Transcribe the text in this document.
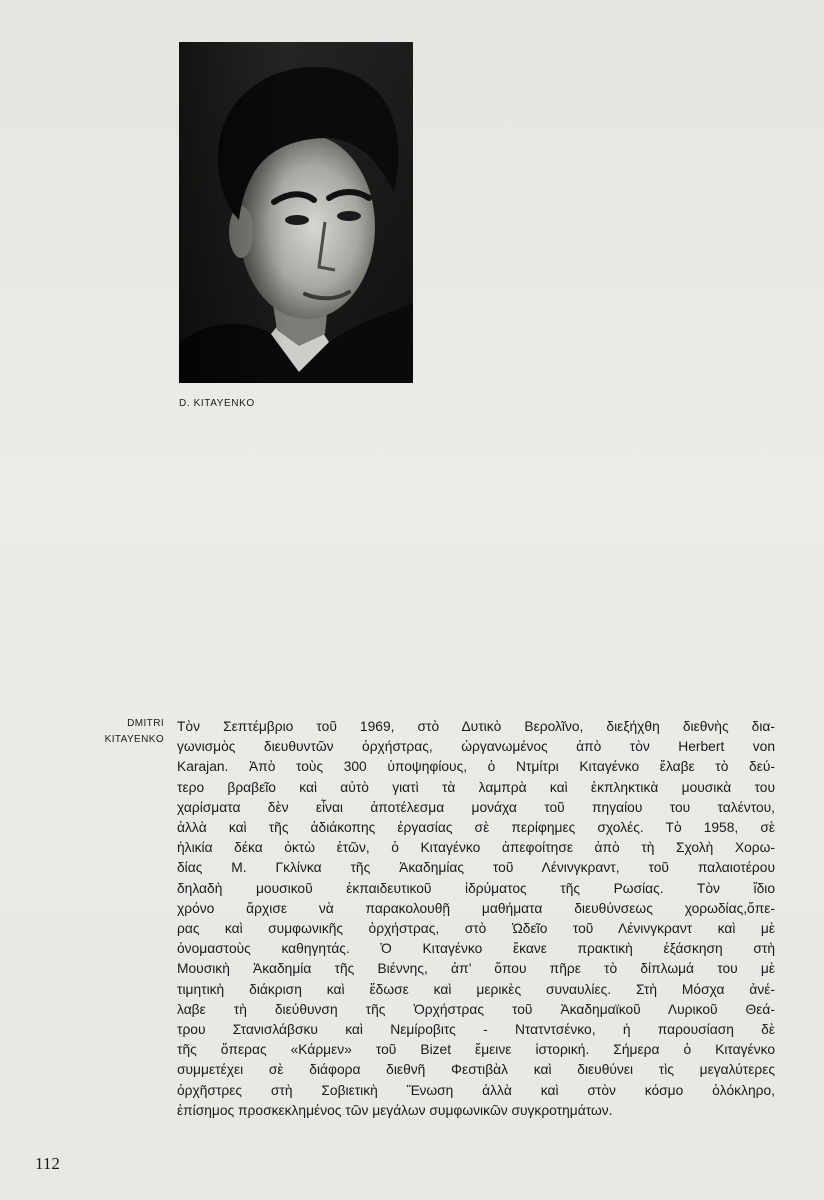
D. KITAYENKO
DMITRI
KITAYENKO
Τὸν Σεπτέμβριο τοῦ 1969, στὸ Δυτικὸ Βερολῖνο, διεξήχθη διεθνὴς δια-
γωνισμὸς διευθυντῶν ὀρχήστρας, ὠργανωμένος ἀπὸ τὸν Herbert von
Karajan. Ἀπὸ τοὺς 300 ὑποψηφίους, ὁ Ντμίτρι Κιταγένκο ἔλαβε τὸ δεύ-
τερο βραβεῖο καὶ αὐτὸ γιατὶ τὰ λαμπρὰ καὶ ἐκπληκτικὰ μουσικὰ του
χαρίσματα δὲν εἶναι ἀποτέλεσμα μονάχα τοῦ πηγαίου του ταλέντου,
ἀλλὰ καὶ τῆς ἀδιάκοπης ἐργασίας σὲ περίφημες σχολές. Τὸ 1958, σὲ
ἡλικία δέκα ὀκτὼ ἐτῶν, ὁ Κιταγένκο ἀπεφοίτησε ἀπὸ τὴ Σχολὴ Χορω-
δίας Μ. Γκλίνκα τῆς Ἀκαδημίας τοῦ Λένινγκραντ, τοῦ παλαιοτέρου
δηλαδὴ μουσικοῦ ἐκπαιδευτικοῦ ἱδρύματος τῆς Ρωσίας. Τὸν ἴδιο
χρόνο ἄρχισε νὰ παρακολουθῇ μαθήματα διευθύνσεως χορωδίας,ὄπε-
ρας καὶ συμφωνικῆς ὀρχήστρας, στὸ Ὠδεῖο τοῦ Λένινγκραντ καὶ μὲ
ὀνομαστοὺς καθηγητάς. Ὁ Κιταγένκο ἔκανε πρακτικὴ ἐξάσκηση στὴ
Μουσικὴ Ἀκαδημία τῆς Βιέννης, ἀπ’ ὅπου πῆρε τὸ δίπλωμά του μὲ
τιμητικὴ διάκριση καὶ ἔδωσε καὶ μερικὲς συναυλίες. Στὴ Μόσχα ἀνέ-
λαβε τὴ διεύθυνση τῆς Ὀρχήστρας τοῦ Ἀκαδημαϊκοῦ Λυρικοῦ Θεά-
τρου Στανισλάβσκυ καὶ Νεμίροβιτς - Ντατντσένκο, ἡ παρουσίαση δὲ
τῆς ὄπερας «Κάρμεν» τοῦ Bizet ἔμεινε ἱστορική. Σήμερα ὁ Κιταγένκο
συμμετέχει σὲ διάφορα διεθνῆ Φεστιβὰλ καὶ διευθύνει τὶς μεγαλύτερες
ὀρχῆστρες στὴ Σοβιετικὴ Ἕνωση ἀλλὰ καὶ στὸν κόσμο ὁλόκληρο,
ἐπίσημος προσκεκλημένος τῶν μεγάλων συμφωνικῶν συγκροτημάτων.
112
